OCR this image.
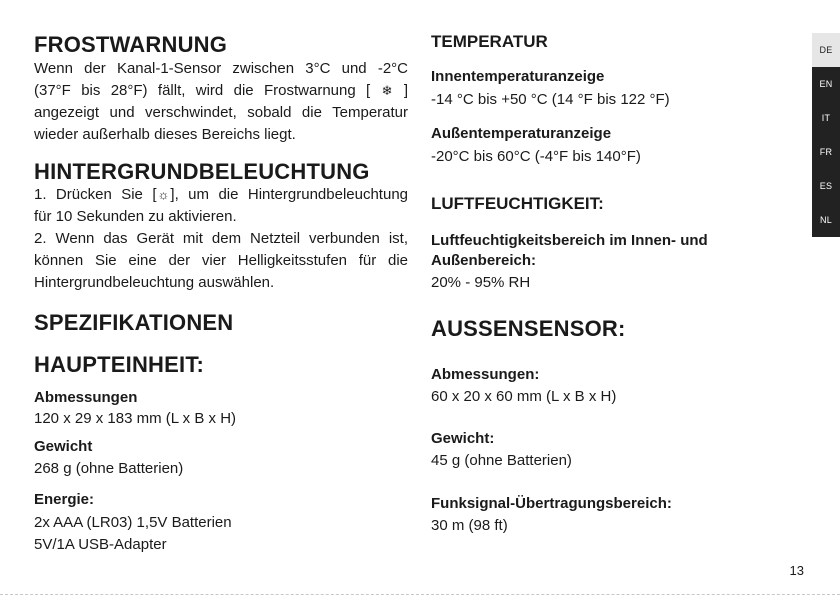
FROSTWARNUNG
Wenn der Kanal-1-Sensor zwischen 3°C und -2°C
(37°F bis 28°F) fällt, wird die Frostwarnung [ ❄ ]
angezeigt und verschwindet, sobald die Temperatur
wieder außerhalb dieses Bereichs liegt.
HINTERGRUNDBELEUCHTUNG
1. Drücken Sie [☼], um die Hintergrundbeleuchtung
für 10 Sekunden zu aktivieren.
2. Wenn das Gerät mit dem Netzteil verbunden ist,
können Sie eine der vier Helligkeitsstufen für die
Hintergrundbeleuchtung auswählen.
SPEZIFIKATIONEN
HAUPTEINHEIT:
Abmessungen
120 x 29 x 183 mm (L x B x H)
Gewicht
268 g (ohne Batterien)
Energie:
2x AAA (LR03) 1,5V Batterien
5V/1A USB-Adapter
TEMPERATUR
Innentemperaturanzeige
-14 °C bis +50 °C (14 °F bis 122 °F)
Außentemperaturanzeige
-20°C bis 60°C (-4°F bis 140°F)
LUFTFEUCHTIGKEIT:
Luftfeuchtigkeitsbereich im Innen- und
Außenbereich:
20% - 95% RH
AUSSENSENSOR:
Abmessungen:
60 x 20 x 60 mm (L x B x H)
Gewicht:
45 g (ohne Batterien)
Funksignal-Übertragungsbereich:
30 m (98 ft)
DE
EN
IT
FR
ES
NL
13
